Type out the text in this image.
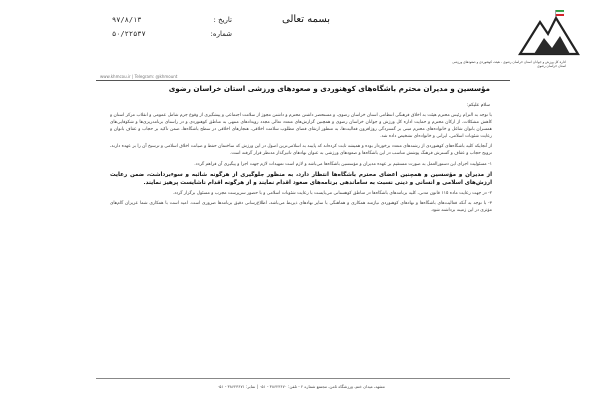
اداره کل ورزش و جوانان استان خراسان رضوی - هیئت کوهنوردی و صعودهای ورزشی استان خراسان رضوی
بسمه تعالی
تاریخ :
۹۷/۸/۱۳
شماره:
۵۰/۲۲۵۳۷
www.khmcou.ir | Telegram: @khmount
مؤسسین و مدیران محترم باشگاه‌های کوهنوردی و صعودهای ورزشی استان خراسان رضوی
سلام علیکم:

با توجه به التزام رئیس محترم هیئت به اخلاق فرهنگی انتظامی استان خراسان رضوی، و مستحضر داشتن محترم و داشتن مجوز از سلامت اجتماعی و پیشگیری از وقوع جرم شامل عمومی و انقلاب مرکز استان و کاهش مشکلات، از ارکان محترم و حمایت اداره کل ورزش و جوانان خراسان رضوی و همچنین گزارش‌های متعدد تعالی مجدد رویداد‌های منتهی به مناطق کوهنوردی و در راستای برنامه‌ریزی‌ها و شکوفایی‌های همسران بانوان شاغل و خانواده‌های محترم مبنی بر گستردگی روزافزون فعالیت‌ها، به منظور ارتقای فضای مطلوب سلامت اخلاقی، هنجارهای اخلاقی در سطح باشگاه‌ها، ضمن تاکید بر حجاب و عفاف بانوان و رعایت شئونات اسلامی، ایرانی و خانواده‌ای تشخیص داده شد.

از آنجایکه کلیه باشگاه‌های کوهنوردی از رشته‌های متعدد برخوردار بوده و همیشه ثابت کرده‌اند که پایبند به اسلامی‌ترین اصول در این ورزش که ساختمان حفظ و صیانت اخلاق اسلامی و ترسیخ آن را بر عهده دارند، ترویج حجاب و عفاف و گسترش فرهنگ پوشش مناسب در این باشگاه‌ها و صعودهای ورزشی به عنوان نهادهای تاثیرگذار مدنظر قرار گرفته است.

۱- مسئولیت اجرای این دستورالعمل به صورت مستقیم بر عهده مدیران و مؤسسین باشگاه‌ها می‌باشد و لازم است تمهیدات لازم جهت اجرا و پیگیری آن فراهم گردد.

از مدیران و مؤسسین و همچنین اعضای محترم باشگاه‌ها انتظار دارد، به منظور جلوگیری از هرگونه شائبه و سوءبرداشت، ضمن رعایت ارزش‌های اسلامی و انسانی و دینی نسبت به ساماندهی برنامه‌های صعود اقدام نمایند و از هرگونه اقدام ناشایست پرهیز نمایند.

۲- در جهت رعایت ماده ۱۱۵ قانون مدنی، کلیه برنامه‌های باشگاه‌ها در مناطق کوهستانی می‌بایست با رعایت شئونات اسلامی و با حضور سرپرست مجرب و مسئول برگزار گردد.

۳- با توجه به آنکه فعالیت‌های باشگاه‌ها و نهادهای کوهنوردی نیازمند همکاری و هماهنگی با سایر نهادهای ذیربط می‌باشد، اطلاع‌رسانی دقیق برنامه‌ها ضروری است. امید است با همکاری شما عزیزان گام‌های مؤثری در این زمینه برداشته شود.

مشهد، میدان ختم، ورزشگاه ثامن، مجتمع شماره ۲ - تلفن: ۳۸۶۲۳۶۷۰ - ۰۵۱ | نمابر: ۳۸۶۲۳۶۷۱ - ۰۵۱
